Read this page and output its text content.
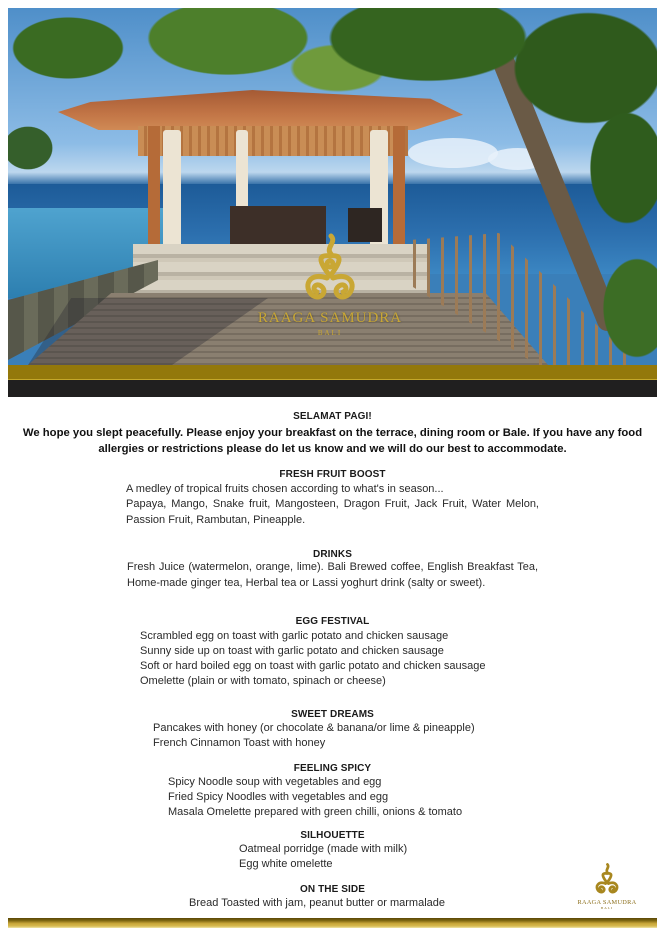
RAAGA SAMUDRA
BALI
SELAMAT PAGI!
We hope you slept peacefully. Please enjoy your breakfast on the terrace, dining room or Bale. If you have any food allergies or restrictions please do let us know and we will do our best to accommodate.
FRESH FRUIT BOOST
A medley of tropical fruits chosen according to what's in season...
Papaya, Mango, Snake fruit, Mangosteen, Dragon Fruit, Jack Fruit, Water Melon, Passion Fruit, Rambutan, Pineapple.
DRINKS
Fresh Juice (watermelon, orange, lime). Bali Brewed coffee, English Breakfast Tea, Home-made ginger tea, Herbal tea or Lassi yoghurt drink (salty or sweet).
EGG FESTIVAL
Scrambled egg on toast with garlic potato and chicken sausage
Sunny side up on toast with garlic potato and chicken sausage
Soft or hard boiled egg on toast with garlic potato and chicken sausage
Omelette (plain or with tomato, spinach or cheese)
SWEET DREAMS
Pancakes with honey (or chocolate & banana/or lime & pineapple)
French Cinnamon Toast with honey
FEELING SPICY
Spicy Noodle soup with vegetables and egg
Fried Spicy Noodles with vegetables and egg
Masala Omelette prepared with green chilli, onions & tomato
SILHOUETTE
Oatmeal porridge (made with milk)
Egg white omelette
ON THE SIDE
Bread Toasted with jam, peanut butter or marmalade	RAAGA SAMUDRA
BALI
